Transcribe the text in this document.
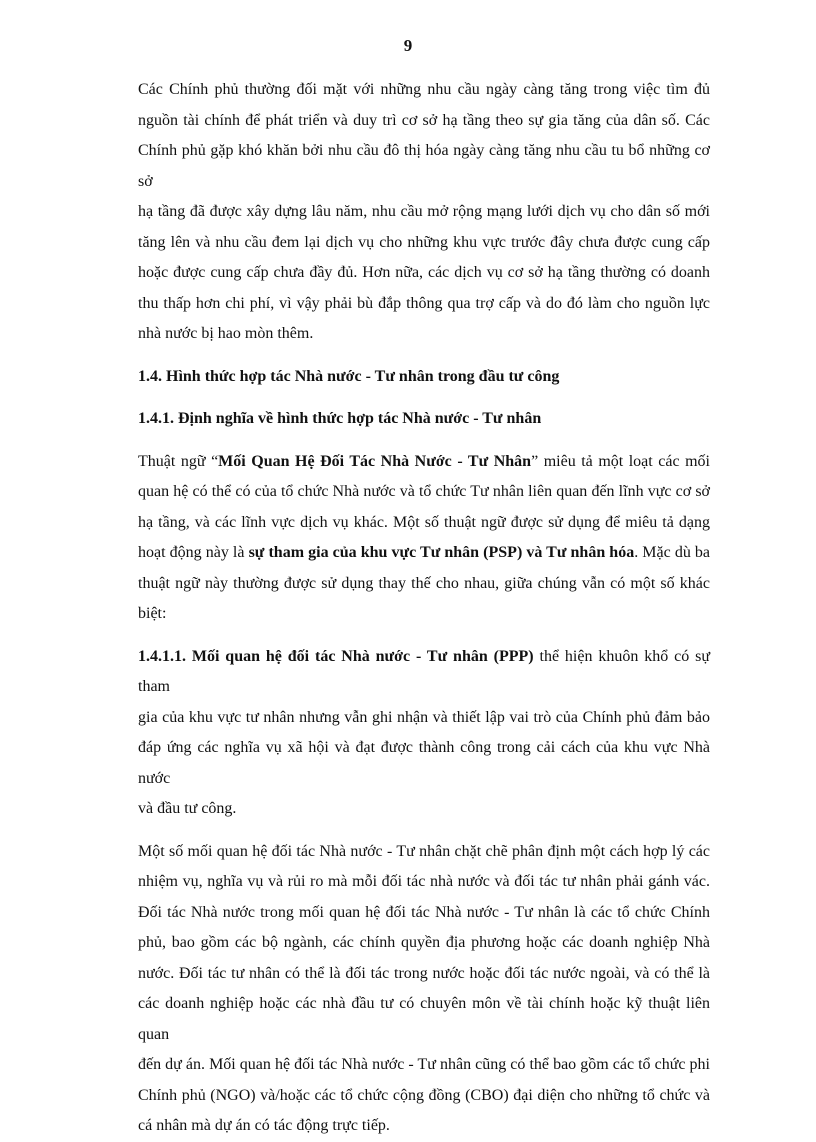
9
Các Chính phủ thường đối mặt với những nhu cầu ngày càng tăng trong việc tìm đủ
nguồn tài chính để phát triển và duy trì cơ sở hạ tầng theo sự gia tăng của dân số. Các
Chính phủ gặp khó khăn bởi nhu cầu đô thị hóa ngày càng tăng nhu cầu tu bổ những cơ sở
hạ tầng đã được xây dựng lâu năm, nhu cầu mở rộng mạng lưới dịch vụ cho dân số mới
tăng lên và nhu cầu đem lại dịch vụ cho những khu vực trước đây chưa được cung cấp
hoặc được cung cấp chưa đầy đủ. Hơn nữa, các dịch vụ cơ sở hạ tầng thường có doanh
thu thấp hơn chi phí, vì vậy phải bù đắp thông qua trợ cấp và do đó làm cho nguồn lực
nhà nước bị hao mòn thêm.
1.4. Hình thức hợp tác Nhà nước - Tư nhân trong đầu tư công
1.4.1. Định nghĩa về hình thức hợp tác Nhà nước - Tư nhân
Thuật ngữ “Mối Quan Hệ Đối Tác Nhà Nước - Tư Nhân” miêu tả một loạt các mối
quan hệ có thể có của tổ chức Nhà nước và tổ chức Tư nhân liên quan đến lĩnh vực cơ sở
hạ tầng, và các lĩnh vực dịch vụ khác. Một số thuật ngữ được sử dụng để miêu tả dạng
hoạt động này là sự tham gia của khu vực Tư nhân (PSP) và Tư nhân hóa. Mặc dù ba
thuật ngữ này thường được sử dụng thay thế cho nhau, giữa chúng vẫn có một số khác
biệt:
1.4.1.1. Mối quan hệ đối tác Nhà nước - Tư nhân (PPP) thể hiện khuôn khổ có sự tham
gia của khu vực tư nhân nhưng vẫn ghi nhận và thiết lập vai trò của Chính phủ đảm bảo
đáp ứng các nghĩa vụ xã hội và đạt được thành công trong cải cách của khu vực Nhà nước
và đầu tư công.
Một số mối quan hệ đối tác Nhà nước - Tư nhân chặt chẽ phân định một cách hợp lý các
nhiệm vụ, nghĩa vụ và rủi ro mà mỗi đối tác nhà nước và đối tác tư nhân phải gánh vác.
Đối tác Nhà nước trong mối quan hệ đối tác Nhà nước - Tư nhân là các tổ chức Chính
phủ, bao gồm các bộ ngành, các chính quyền địa phương hoặc các doanh nghiệp Nhà
nước. Đối tác tư nhân có thể là đối tác trong nước hoặc đối tác nước ngoài, và có thể là
các doanh nghiệp hoặc các nhà đầu tư có chuyên môn về tài chính hoặc kỹ thuật liên quan
đến dự án. Mối quan hệ đối tác Nhà nước - Tư nhân cũng có thể bao gồm các tổ chức phi
Chính phủ (NGO) và/hoặc các tổ chức cộng đồng (CBO) đại diện cho những tổ chức và
cá nhân mà dự án có tác động trực tiếp.
